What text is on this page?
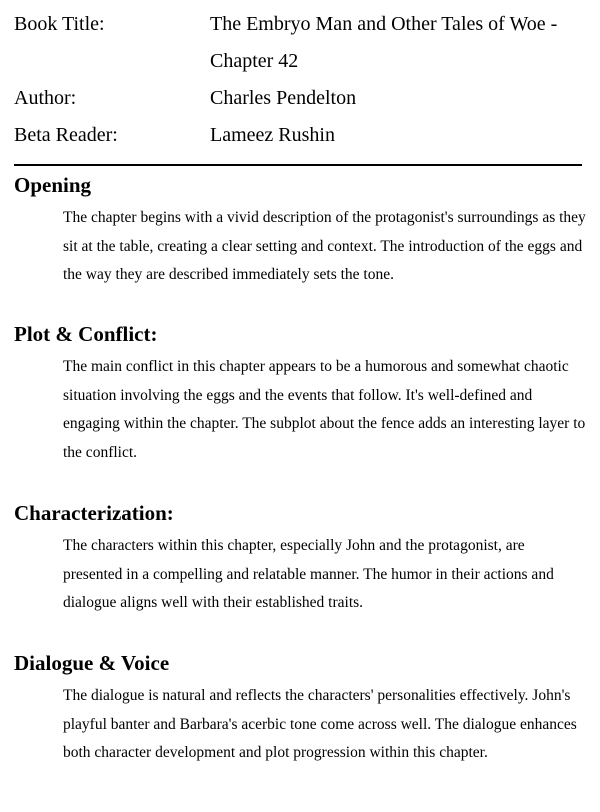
Book Title:	The Embryo Man and Other Tales of Woe - Chapter 42
Author:	Charles Pendelton
Beta Reader:	Lameez Rushin
Opening

The chapter begins with a vivid description of the protagonist's surroundings as they sit at the table, creating a clear setting and context. The introduction of the eggs and the way they are described immediately sets the tone.

Plot & Conflict:

The main conflict in this chapter appears to be a humorous and somewhat chaotic situation involving the eggs and the events that follow. It's well-defined and engaging within the chapter. The subplot about the fence adds an interesting layer to the conflict.

Characterization:

The characters within this chapter, especially John and the protagonist, are presented in a compelling and relatable manner. The humor in their actions and dialogue aligns well with their established traits.

Dialogue & Voice

The dialogue is natural and reflects the characters' personalities effectively. John's playful banter and Barbara's acerbic tone come across well. The dialogue enhances both character development and plot progression within this chapter.
